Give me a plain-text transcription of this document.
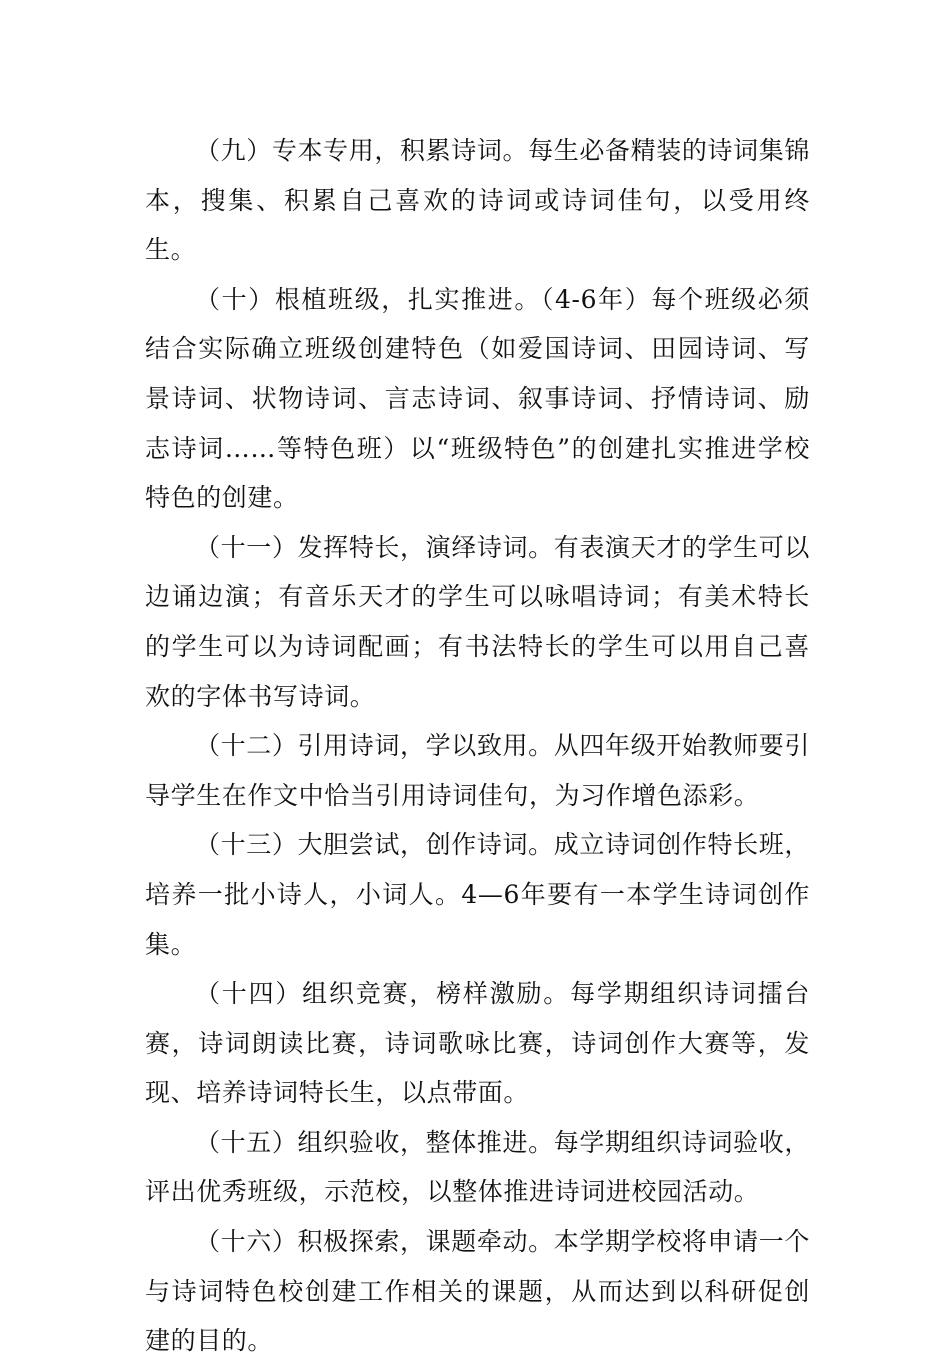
（九）专本专用，积累诗词。每生必备精装的诗词集锦本，搜集、积累自己喜欢的诗词或诗词佳句，以受用终生。

（十）根植班级，扎实推进。（4-6年）每个班级必须结合实际确立班级创建特色（如爱国诗词、田园诗词、写景诗词、状物诗词、言志诗词、叙事诗词、抒情诗词、励志诗词……等特色班）以“班级特色”的创建扎实推进学校特色的创建。

（十一）发挥特长，演绎诗词。有表演天才的学生可以边诵边演；有音乐天才的学生可以咏唱诗词；有美术特长的学生可以为诗词配画；有书法特长的学生可以用自己喜欢的字体书写诗词。

（十二）引用诗词，学以致用。从四年级开始教师要引导学生在作文中恰当引用诗词佳句，为习作增色添彩。

（十三）大胆尝试，创作诗词。成立诗词创作特长班，培养一批小诗人，小词人。4—6年要有一本学生诗词创作集。

（十四）组织竞赛，榜样激励。每学期组织诗词擂台赛，诗词朗读比赛，诗词歌咏比赛，诗词创作大赛等，发现、培养诗词特长生，以点带面。

（十五）组织验收，整体推进。每学期组织诗词验收，评出优秀班级，示范校，以整体推进诗词进校园活动。

（十六）积极探索，课题牵动。本学期学校将申请一个与诗词特色校创建工作相关的课题，从而达到以科研促创建的目的。
